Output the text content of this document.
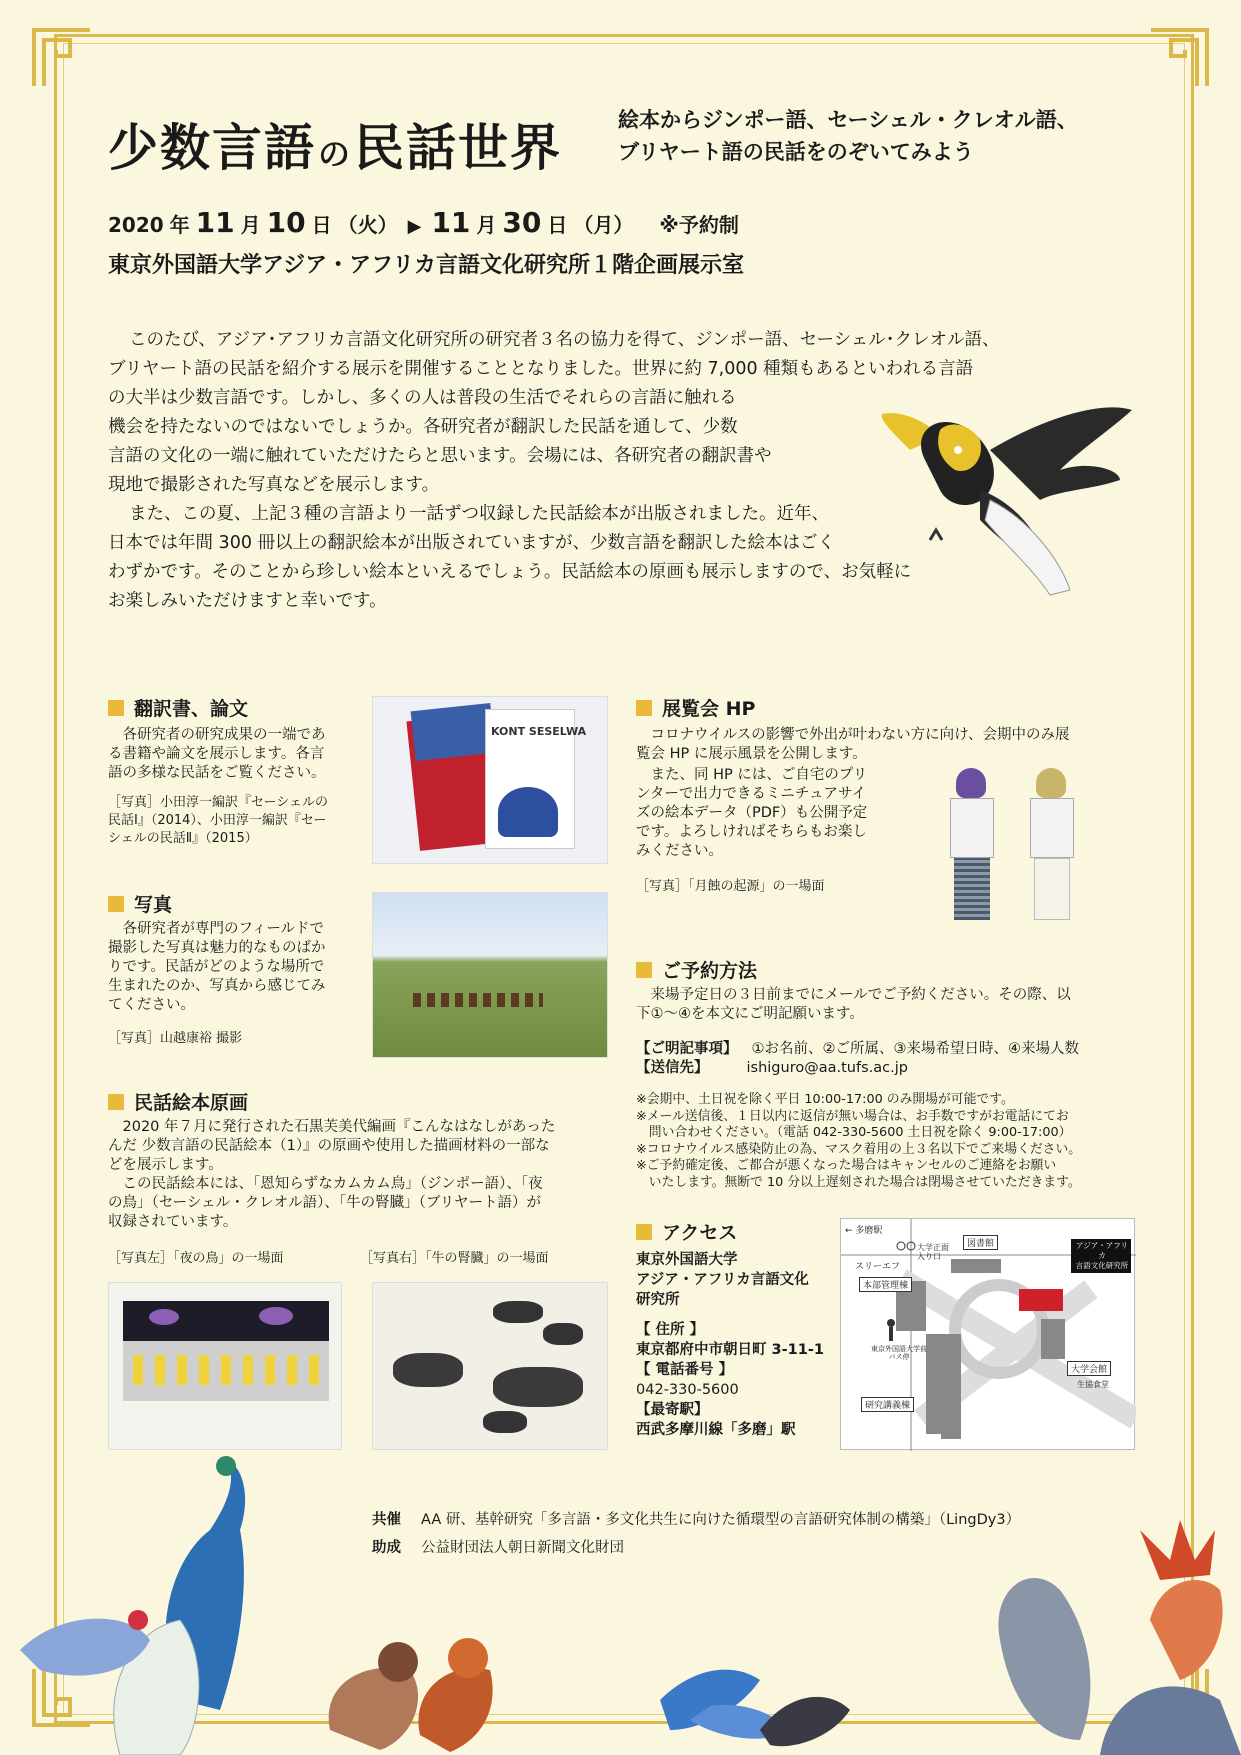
少数言語 の 民話世界	絵本からジンポー語、セーシェル・クレオル語、
ブリヤート語の民話をのぞいてみよう
2020 年 11 月 10 日 （火） ▶ 11 月 30 日 （月） ※予約制
東京外国語大学アジア・アフリカ言語文化研究所１階企画展示室
このたび、アジア･アフリカ言語文化研究所の研究者３名の協力を得て、ジンポー語、セーシェル･クレオル語、
ブリヤート語の民話を紹介する展示を開催することとなりました。世界に約 7,000 種類もあるといわれる言語
の大半は少数言語です。しかし、多くの人は普段の生活でそれらの言語に触れる
機会を持たないのではないでしょうか。各研究者が翻訳した民話を通して、少数
言語の文化の一端に触れていただけたらと思います。会場には、各研究者の翻訳書や
現地で撮影された写真などを展示します。
また、この夏、上記３種の言語より一話ずつ収録した民話絵本が出版されました。近年、
日本では年間 300 冊以上の翻訳絵本が出版されていますが、少数言語を翻訳した絵本はごく
わずかです。そのことから珍しい絵本といえるでしょう。民話絵本の原画も展示しますので、お気軽に
お楽しみいただけますと幸いです。
翻訳書、論文
各研究者の研究成果の一端であ
る書籍や論文を展示します。各言
語の多様な民話をご覧ください。
［写真］小田淳一編訳『セーシェルの
民話Ⅰ』（2014）、小田淳一編訳『セー
シェルの民話Ⅱ』（2015）
KONT SESELWA
写真
各研究者が専門のフィールドで
撮影した写真は魅力的なものばか
りです。民話がどのような場所で
生まれたのか、写真から感じてみ
てください。
［写真］山越康裕 撮影
民話絵本原画
2020 年７月に発行された石黒芙美代編画『こんなはなしがあった
んだ 少数言語の民話絵本（1）』の原画や使用した描画材料の一部な
どを展示します。
この民話絵本には、「恩知らずなカムカム鳥」（ジンポー語）、「夜
の鳥」（セーシェル・クレオル語）、「牛の腎臓」（ブリヤート語）が
収録されています。
［写真左］「夜の鳥」の一場面	［写真右］「牛の腎臓」の一場面
展覧会 HP
コロナウイルスの影響で外出が叶わない方に向け、会期中のみ展
覧会 HP に展示風景を公開します。
また、同 HP には、ご自宅のプリ
ンターで出力できるミニチュアサイ
ズの絵本データ（PDF）も公開予定
です。よろしければそちらもお楽し
みください。
［写真］「月蝕の起源」の一場面
ご予約方法
来場予定日の３日前までにメールでご予約ください。その際、以
下①～④を本文にご明記願います。
【ご明記事項】 ①お名前、②ご所属、③来場希望日時、④来場人数
【送信先】	ishiguro@aa.tufs.ac.jp
※会期中、土日祝を除く平日 10:00-17:00 のみ開場が可能です。
※メール送信後、１日以内に返信が無い場合は、お手数ですがお電話にてお
　問い合わせください。（電話 042-330-5600 土日祝を除く 9:00-17:00）
※コロナウイルス感染防止の為、マスク着用の上３名以下でご来場ください。
※ご予約確定後、ご都合が悪くなった場合はキャンセルのご連絡をお願い
　いたします。無断で 10 分以上遅刻された場合は閉場させていただきます。
アクセス
東京外国語大学
アジア・アフリカ言語文化
研究所
【 住所 】
東京都府中市朝日町 3-11-1
【 電話番号 】
042-330-5600
【最寄駅】
西武多摩川線「多磨」駅
← 多磨駅
スリーエフ
大学正面
入り口
図書館
本部管理棟
東京外国語大学前
バス停
研究講義棟
アジア・アフリカ
言語文化研究所
大学会館
生協食堂
共催 AA 研、基幹研究「多言語・多文化共生に向けた循環型の言語研究体制の構築」（LingDy3）
助成 公益財団法人朝日新聞文化財団
